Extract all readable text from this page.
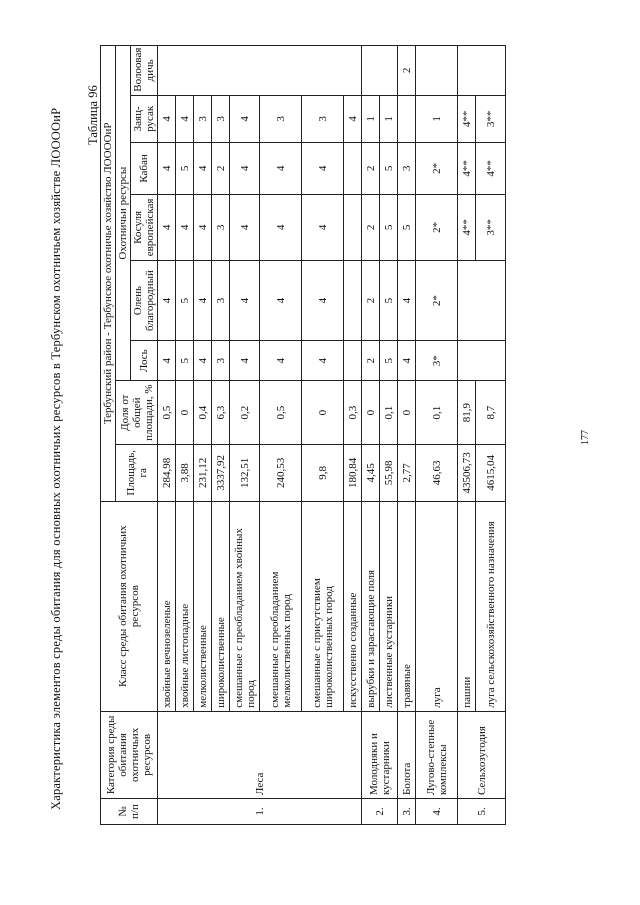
Характеристика элементов среды обитания для основных охотничьих ресурсов в Тербунском охотничьем хозяйстве ЛООООиР Таблица 96
№ п/п	Категория среды обитания охотничьих ресурсов	Класс среды обитания охотничьих ресурсов	Тербунский район - Тербунское охотничье хозяйство ЛООООиР							
			Площадь, га	Доля от общей площади, %	Охотничьи ресурсы					
					Лось	Олень благородный	Косуля европейская	Кабан	Заяц-русак	Волоовая дичь
1.	Леса	хвойные вечнозеленые	284,98	0,5	4	4	4	4	4	
		хвойные листопадные	3,88	0	5	5	4	5	4	
		мелколиственные	231,12	0,4	4	4	4	4	3	
		широколиственные	3337,92	6,3	3	3	3	2	3	
		смешанные с преобладанием хвойных пород	132,51	0,2	4	4	4	4	4	
		смешанные с преобладанием мелколиственных пород	240,53	0,5	4	4	4	4	3	
		смешанные с присутствием широколиственных пород	9,8	0	4	4	4	4	3	
		искусственно созданные	180,84	0,3					4	
2.	Молодняки и кустарники	вырубки и зарастающие поля	4,45	0	2	2	2	2	1	
		лиственные кустарники	55,98	0,1	5	5	5	5	1	
3.	Болота	травяные	2,77	0	4	4	5	3		2
4.	Лугово-степные комплексы	луга	46,63	0,1	3*	2*	2*	2*	1	
5.	Сельхозугодия	пашни	43506,73	81,9			4**	4**	4**	
		луга сельскохозяйственного назначения	4615,04	8,7			3**	4**	3**	
177
